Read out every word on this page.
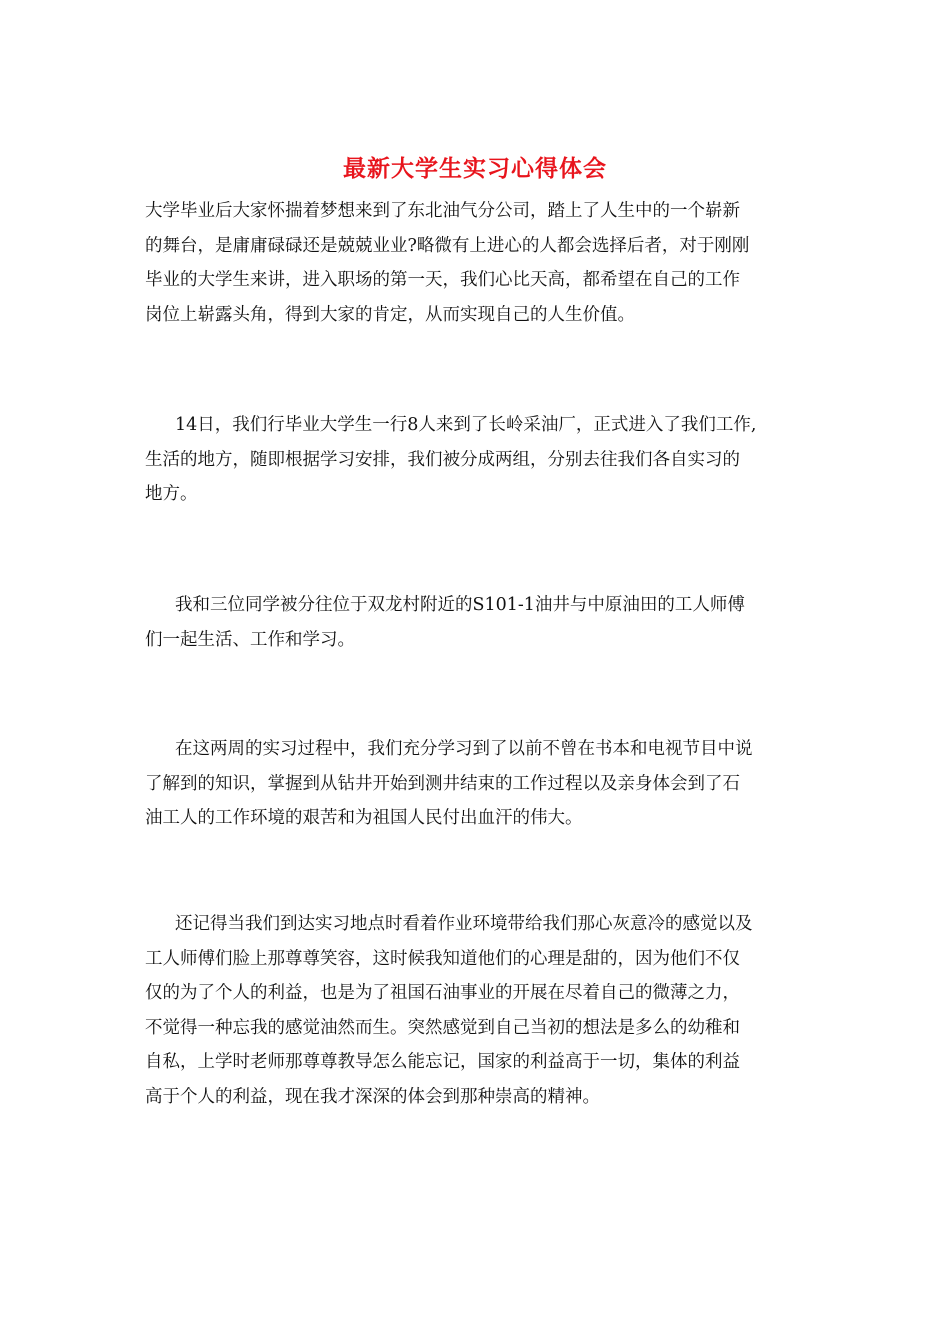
最新大学生实习心得体会
大学毕业后大家怀揣着梦想来到了东北油气分公司，踏上了人生中的一个崭新
的舞台，是庸庸碌碌还是兢兢业业?略微有上进心的人都会选择后者，对于刚刚
毕业的大学生来讲，进入职场的第一天，我们心比天高，都希望在自己的工作
岗位上崭露头角，得到大家的肯定，从而实现自己的人生价值。
14日，我们行毕业大学生一行8人来到了长岭采油厂，正式进入了我们工作,
生活的地方，随即根据学习安排，我们被分成两组，分别去往我们各自实习的
地方。
我和三位同学被分往位于双龙村附近的S101-1油井与中原油田的工人师傅
们一起生活、工作和学习。
在这两周的实习过程中，我们充分学习到了以前不曾在书本和电视节目中说
了解到的知识，掌握到从钻井开始到测井结束的工作过程以及亲身体会到了石
油工人的工作环境的艰苦和为祖国人民付出血汗的伟大。
还记得当我们到达实习地点时看着作业环境带给我们那心灰意冷的感觉以及
工人师傅们脸上那尊尊笑容，这时候我知道他们的心理是甜的，因为他们不仅
仅的为了个人的利益，也是为了祖国石油事业的开展在尽着自己的微薄之力，
不觉得一种忘我的感觉油然而生。突然感觉到自己当初的想法是多么的幼稚和
自私，上学时老师那尊尊教导怎么能忘记，国家的利益高于一切，集体的利益
高于个人的利益，现在我才深深的体会到那种崇高的精神。
